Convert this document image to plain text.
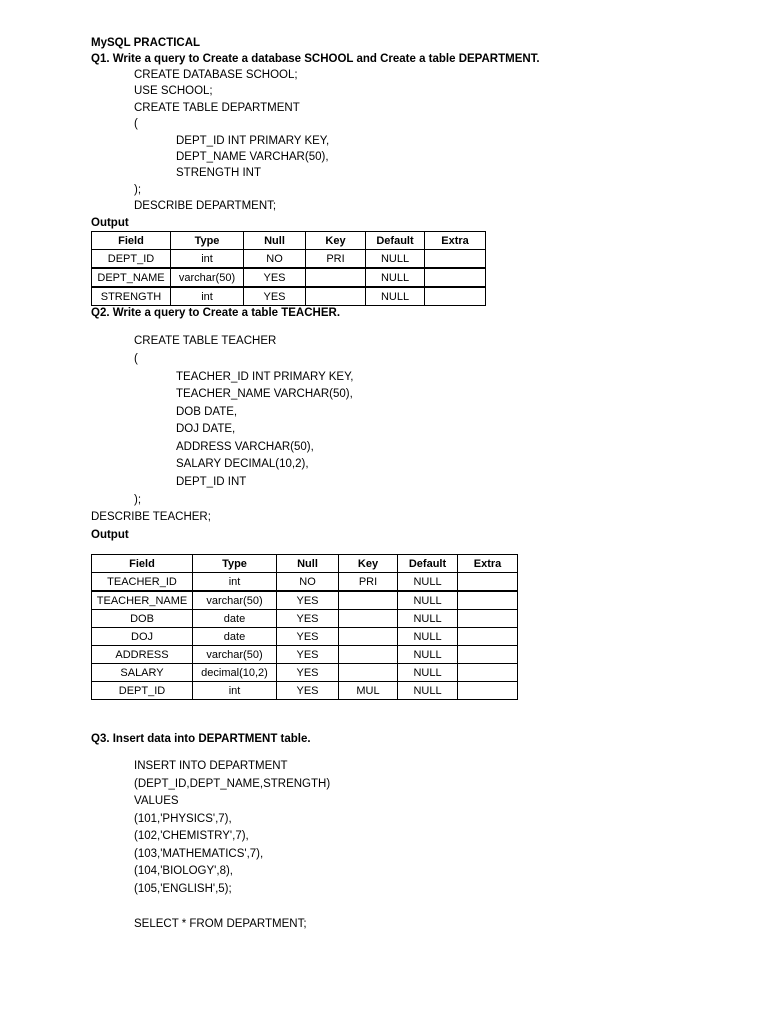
MySQL PRACTICAL
Q1. Write a query to Create a database SCHOOL and Create a table DEPARTMENT.
CREATE DATABASE SCHOOL;
USE SCHOOL;
CREATE TABLE DEPARTMENT
(
DEPT_ID INT PRIMARY KEY,
DEPT_NAME VARCHAR(50),
STRENGTH INT
);
DESCRIBE DEPARTMENT;
Output
Field	Type	Null	Key	Default	Extra
DEPT_ID	int	NO	PRI	NULL	
DEPT_NAME	varchar(50)	YES		NULL	
STRENGTH	int	YES		NULL	
Q2. Write a query to Create a table TEACHER.
CREATE TABLE TEACHER
(
TEACHER_ID INT PRIMARY KEY,
TEACHER_NAME VARCHAR(50),
DOB DATE,
DOJ DATE,
ADDRESS VARCHAR(50),
SALARY DECIMAL(10,2),
DEPT_ID INT
);
DESCRIBE TEACHER;
Output
Field	Type	Null	Key	Default	Extra
TEACHER_ID	int	NO	PRI	NULL	
TEACHER_NAME	varchar(50)	YES		NULL	
DOB	date	YES		NULL	
DOJ	date	YES		NULL	
ADDRESS	varchar(50)	YES		NULL	
SALARY	decimal(10,2)	YES		NULL	
DEPT_ID	int	YES	MUL	NULL	
Q3. Insert data into DEPARTMENT table.
INSERT INTO DEPARTMENT
(DEPT_ID,DEPT_NAME,STRENGTH)
VALUES
(101,'PHYSICS',7),
(102,'CHEMISTRY',7),
(103,'MATHEMATICS',7),
(104,'BIOLOGY',8),
(105,'ENGLISH',5);
SELECT * FROM DEPARTMENT;
